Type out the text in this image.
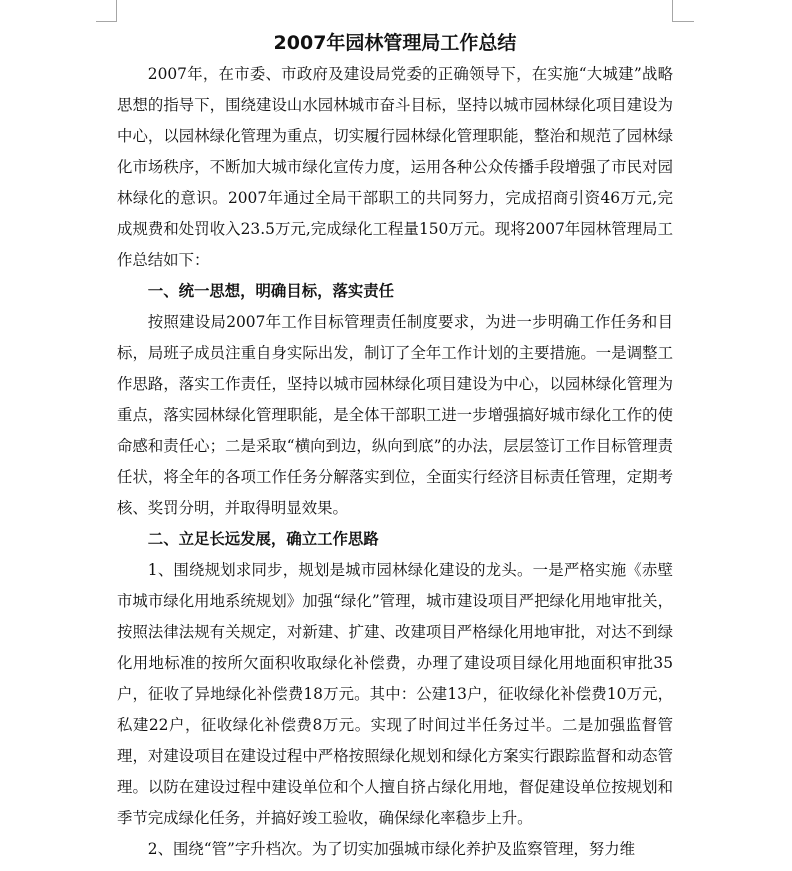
2007年园林管理局工作总结

2007年，在市委、市政府及建设局党委的正确领导下，在实施“大城建”战略思想的指导下，围绕建设山水园林城市奋斗目标，坚持以城市园林绿化项目建设为中心，以园林绿化管理为重点，切实履行园林绿化管理职能，整治和规范了园林绿化市场秩序，不断加大城市绿化宣传力度，运用各种公众传播手段增强了市民对园林绿化的意识。2007年通过全局干部职工的共同努力，完成招商引资46万元,完成规费和处罚收入23.5万元,完成绿化工程量150万元。现将2007年园林管理局工作总结如下：

一、统一思想，明确目标，落实责任

按照建设局2007年工作目标管理责任制度要求，为进一步明确工作任务和目标，局班子成员注重自身实际出发，制订了全年工作计划的主要措施。一是调整工作思路，落实工作责任，坚持以城市园林绿化项目建设为中心，以园林绿化管理为重点，落实园林绿化管理职能，是全体干部职工进一步增强搞好城市绿化工作的使命感和责任心；二是采取“横向到边，纵向到底”的办法，层层签订工作目标管理责任状，将全年的各项工作任务分解落实到位，全面实行经济目标责任管理，定期考核、奖罚分明，并取得明显效果。

二、立足长远发展，确立工作思路

1、围绕规划求同步，规划是城市园林绿化建设的龙头。一是严格实施《赤壁市城市绿化用地系统规划》加强“绿化”管理，城市建设项目严把绿化用地审批关，按照法律法规有关规定，对新建、扩建、改建项目严格绿化用地审批，对达不到绿化用地标准的按所欠面积收取绿化补偿费，办理了建设项目绿化用地面积审批35户，征收了异地绿化补偿费18万元。其中：公建13户，征收绿化补偿费10万元，私建22户，征收绿化补偿费8万元。实现了时间过半任务过半。二是加强监督管理，对建设项目在建设过程中严格按照绿化规划和绿化方案实行跟踪监督和动态管理。以防在建设过程中建设单位和个人擅自挤占绿化用地，督促建设单位按规划和季节完成绿化任务，并搞好竣工验收，确保绿化率稳步上升。

2、围绕“管”字升档次。为了切实加强城市绿化养护及监察管理，努力维
